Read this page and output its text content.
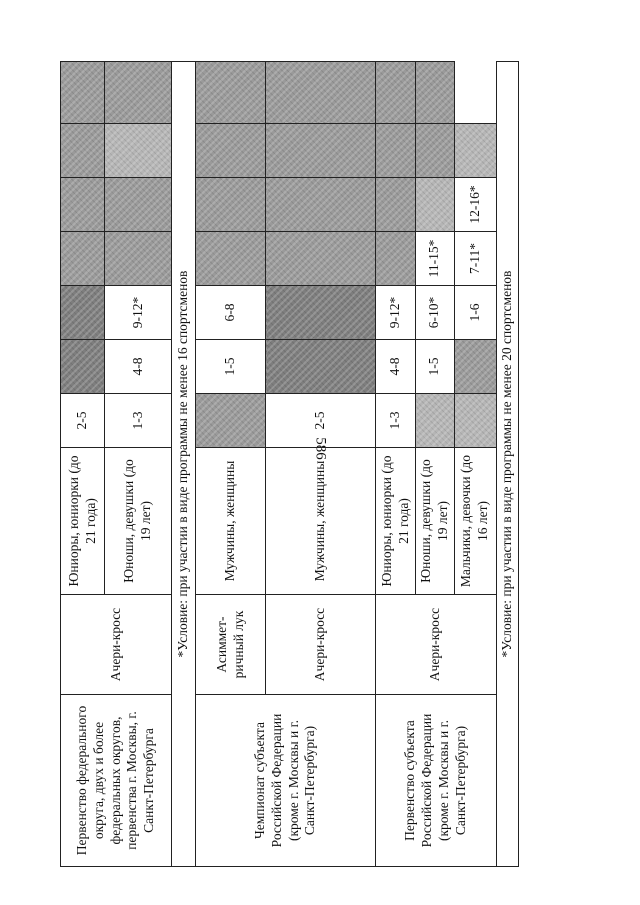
586
Первенство федерального округа, двух и более федеральных округов, первенства г. Москвы, г. Санкт-Петербурга	Ачери-кросс	Юниоры, юниорки (до 21 года)	2-5						
		Юноши, девушки (до 19 лет)	1-3	4-8	9-12*				
*Условие: при участии в виде программы не менее 16 спортсменов									
Чемпионат субъекта Российской Федерации (кроме г. Москвы и г. Санкт-Петербурга)	Асиммет-ричный лук	Мужчины, женщины		1-5	6-8				
	Ачери-кросс	Мужчины, женщины	2-5						
Первенство субъекта Российской Федерации (кроме г. Москвы и г. Санкт-Петербурга)	Ачери-кросс	Юниоры, юниорки (до 21 года)	1-3	4-8	9-12*				
		Юноши, девушки (до 19 лет)		1-5	6-10*	11-15*			
		Мальчики, девочки (до 16 лет)			1-6	7-11*	12-16*		
*Условие: при участии в виде программы не менее 20 спортсменов									
